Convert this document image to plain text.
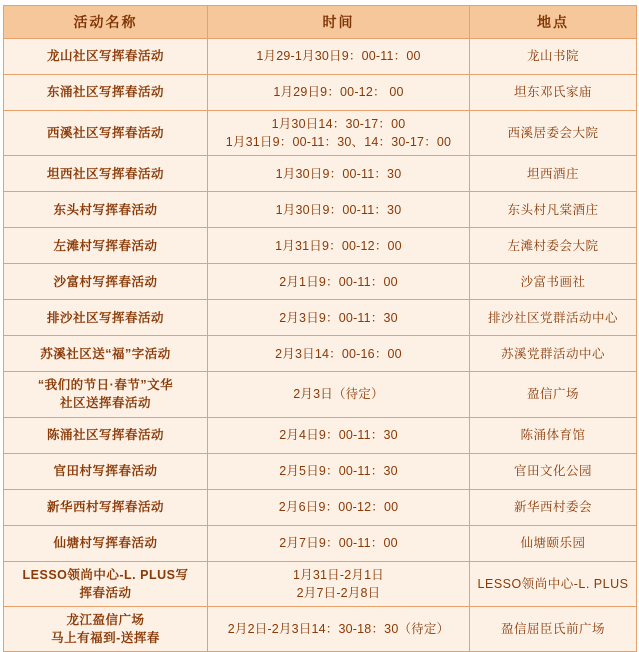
活动名称	时间	地点

龙山社区写挥春活动	1月29-1月30日9：00-11：00	龙山书院

东涌社区写挥春活动	1月29日9：00-12： 00	坦东邓氏家庙

西溪社区写挥春活动	1月30日14：30-17：00
1月31日9：00-11：30、14：30-17：00	西溪居委会大院

坦西社区写挥春活动	1月30日9：00-11：30	坦西酒庄

东头村写挥春活动	1月30日9：00-11：30	东头村凡棠酒庄

左滩村写挥春活动	1月31日9：00-12：00	左滩村委会大院

沙富村写挥春活动	2月1日9：00-11：00	沙富书画社

排沙社区写挥春活动	2月3日9：00-11：30	排沙社区党群活动中心

苏溪社区送“福”字活动	2月3日14：00-16：00	苏溪党群活动中心

“我们的节日·春节”文华
社区送挥春活动	2月3日（待定）	盈信广场

陈涌社区写挥春活动	2月4日9：00-11：30	陈涌体育馆

官田村写挥春活动	2月5日9：00-11：30	官田文化公园

新华西村写挥春活动	2月6日9：00-12：00	新华西村委会

仙塘村写挥春活动	2月7日9：00-11：00	仙塘颐乐园

LESSO领尚中心-L. PLUS写
挥春活动	1月31日-2月1日
2月7日-2月8日	LESSO领尚中心-L. PLUS

龙江盈信广场
马上有福到-送挥春	2月2日-2月3日14：30-18：30（待定）	盈信屈臣氏前广场
